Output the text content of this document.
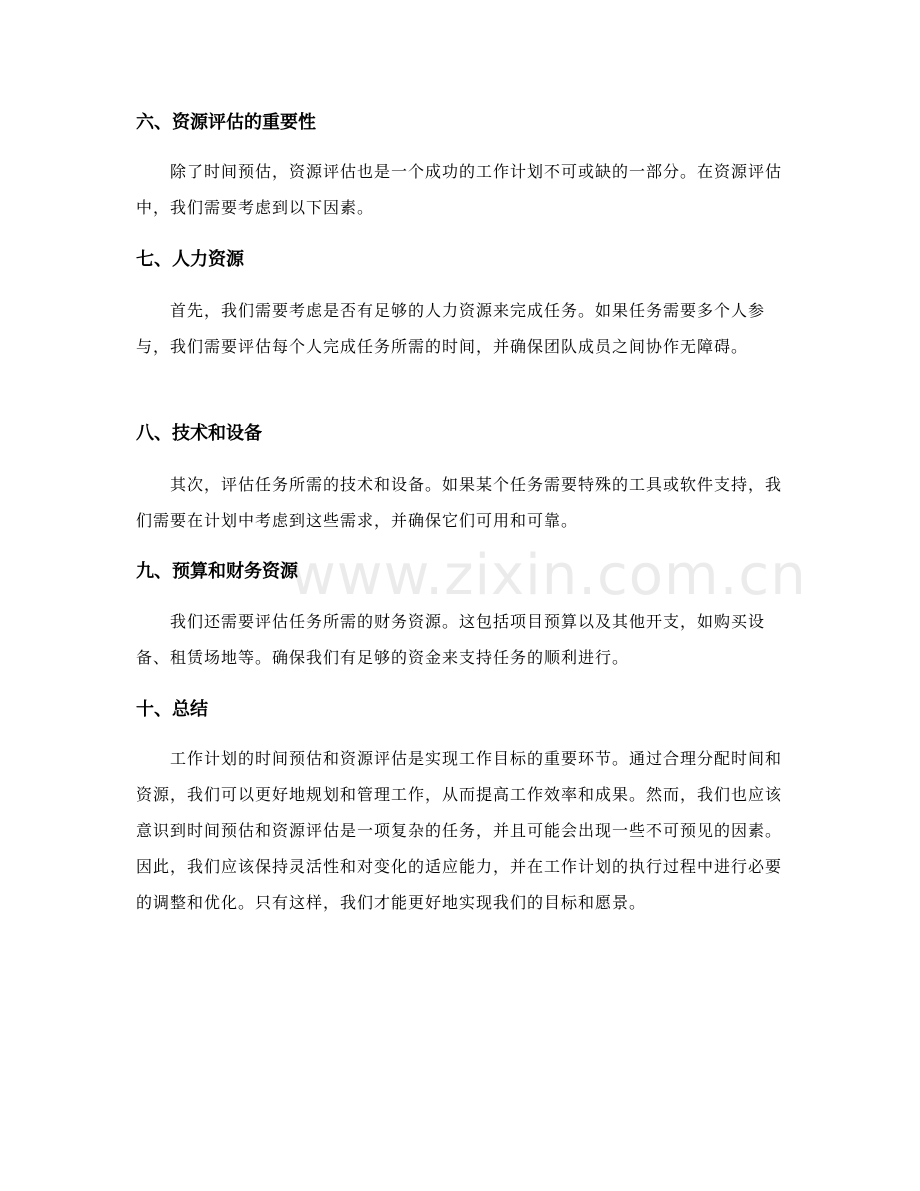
六、资源评估的重要性

除了时间预估，资源评估也是一个成功的工作计划不可或缺的一部分。在资源评估中，我们需要考虑到以下因素。

七、人力资源

首先，我们需要考虑是否有足够的人力资源来完成任务。如果任务需要多个人参与，我们需要评估每个人完成任务所需的时间，并确保团队成员之间协作无障碍。

八、技术和设备

其次，评估任务所需的技术和设备。如果某个任务需要特殊的工具或软件支持，我们需要在计划中考虑到这些需求，并确保它们可用和可靠。

九、预算和财务资源

我们还需要评估任务所需的财务资源。这包括项目预算以及其他开支，如购买设备、租赁场地等。确保我们有足够的资金来支持任务的顺利进行。

十、总结

工作计划的时间预估和资源评估是实现工作目标的重要环节。通过合理分配时间和资源，我们可以更好地规划和管理工作，从而提高工作效率和成果。然而，我们也应该意识到时间预估和资源评估是一项复杂的任务，并且可能会出现一些不可预见的因素。因此，我们应该保持灵活性和对变化的适应能力，并在工作计划的执行过程中进行必要的调整和优化。只有这样，我们才能更好地实现我们的目标和愿景。

www.zixin.com.cn
